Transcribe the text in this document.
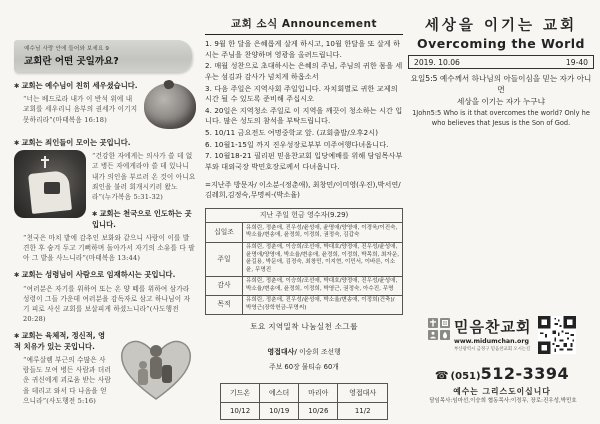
예수님 사랑 안에 들어와 보세요 9
교회란 어떤 곳일까요?
✱ 교회는 예수님이 친히 세우셨습니다.
“너는 베드로라 내가 이 반석 위에 내 교회를 세우리니 음부의 권세가 이기지 못하리라”(마태복음 16:18)
✱ 교회는 죄인들이 모이는 곳입니다.
“건강한 자에게는 의사가 쓸 데 없고 병든 자에게라야 쓸 데 있나니 내가 의인을 부르러 온 것이 아니요 죄인을 불러 회개시키러 왔노라”(누가복음 5:31-32)
✱ 교회는 천국으로 인도하는 곳입니다.
“천국은 마치 밭에 감추인 보화와 같으니 사람이 이를 발견한 후 숨겨 두고 기뻐하며 돌아가서 자기의 소유를 다 팔아 그 밭을 사느니라”(마태복음 13:44)
✱ 교회는 성령님이 사람으로 임재하시는 곳입니다.
“여러분은 자기를 위하여 또는 온 양 떼를 위하여 삼가라 성령이 그들 가운데 여러분을 감독자로 삼고 하나님이 자기 피로 사신 교회를 보살피게 하셨느니라”(사도행전 20:28)
✱ 교회는 육체적, 정신적, 영적 치유가 있는 곳입니다.
“예루살렘 부근의 수많은 사람들도 모여 병든 사람과 더러운 귀신에게 괴로움 받는 사람을 데리고 와서 다 나음을 얻으니라”(사도행전 5:16)
교회 소식 Announcement
1. 9월 한 달을 은혜롭게 살게 하시고, 10월 한달을 또 살게 하시는 주님을 찬양하며 영광을 올려드립니다.
2. 매월 성찬으로 초대하시는 은혜의 주님, 주님의 귀한 몸을 세우는 섬김과 감사가 넘치게 하옵소서
3. 다음 주일은 지역사회 주일입니다. 자치회별로 귀한 교제의 시간 될 수 있도록 준비해 주십시오
4. 20일은 지역청소 주일로 이 지역을 깨끗이 청소하는 시간 입니다. 많은 성도의 참석을 부탁드립니다.
5. 10/11 금요전도 여명중학교 앞. (교회출발/오후2시)
6. 10월1-15일 까지 진우성장로부부 미주여행다녀옵니다.
7. 10월18-21 필리핀 믿음찬교회 입당예배를 위해 담임목사부부와 대외국장 박민호장로께서 다녀옵니다.
=지난주 방문자/ 이소분-(정춘애), 최창민/이미영(우진),박서연/김레희,김정숙,무명씨-(박소율)
지난 주일 헌금 영수자(9.29)	
십일조	유희린, 정춘애, 진우성/윤성애, 윤명애/양영애, 이경욱/이진숙, 박소율/변송애, 윤정희, 이정희, 권정숙, 김갑숙
주일	유희린, 정춘애, 이승희/조선애, 박대호/양정애, 진우성/윤성애, 윤명애/양영애, 박소율/변송애, 윤정희, 이정희, 박목희, 최자운, 윤길용, 박문애, 김정숙, 최창민, 이지현, 이민서, 이바른, 이소윤, 무명진
감사	유희린, 정춘애, 이승희/조선애, 박대호/양정애, 진우성/윤성애, 박소율/변송애, 윤정희, 이정희, 박영근, 권정숙, 아수진, 무명
목적	유희린, 정춘애, 진우성/윤성애, 박소율/변송애, 이정희(건축)/박영근(장학헌금-무명씨)
토요 지역밀착 나눔실천 소그룹
영접대사/ 이승희 조선행
주보 60장 물티슈 60개
기드온	에스더	마리아	영접대사
10/12	10/19	10/26	11/2
세상을 이기는 교회
Overcoming the World
2019. 10.06	19-40
요일5:5 예수께서 하나님의 아들이심을 믿는 자가 아니면
세상을 이기는 자가 누구냐
1John5:5 Who is it that overcomes the world? Only he who believes that Jesus is the Son of God.
믿음찬교회
www.midumchan.org
부산광역시 금정구 믿음찬교회 오시는길
☎ (051) 512-3394
예수는 그리스도이십니다
담임목사:임마선,이승희 협동목사:이정무, 장로:진우성,박민호
